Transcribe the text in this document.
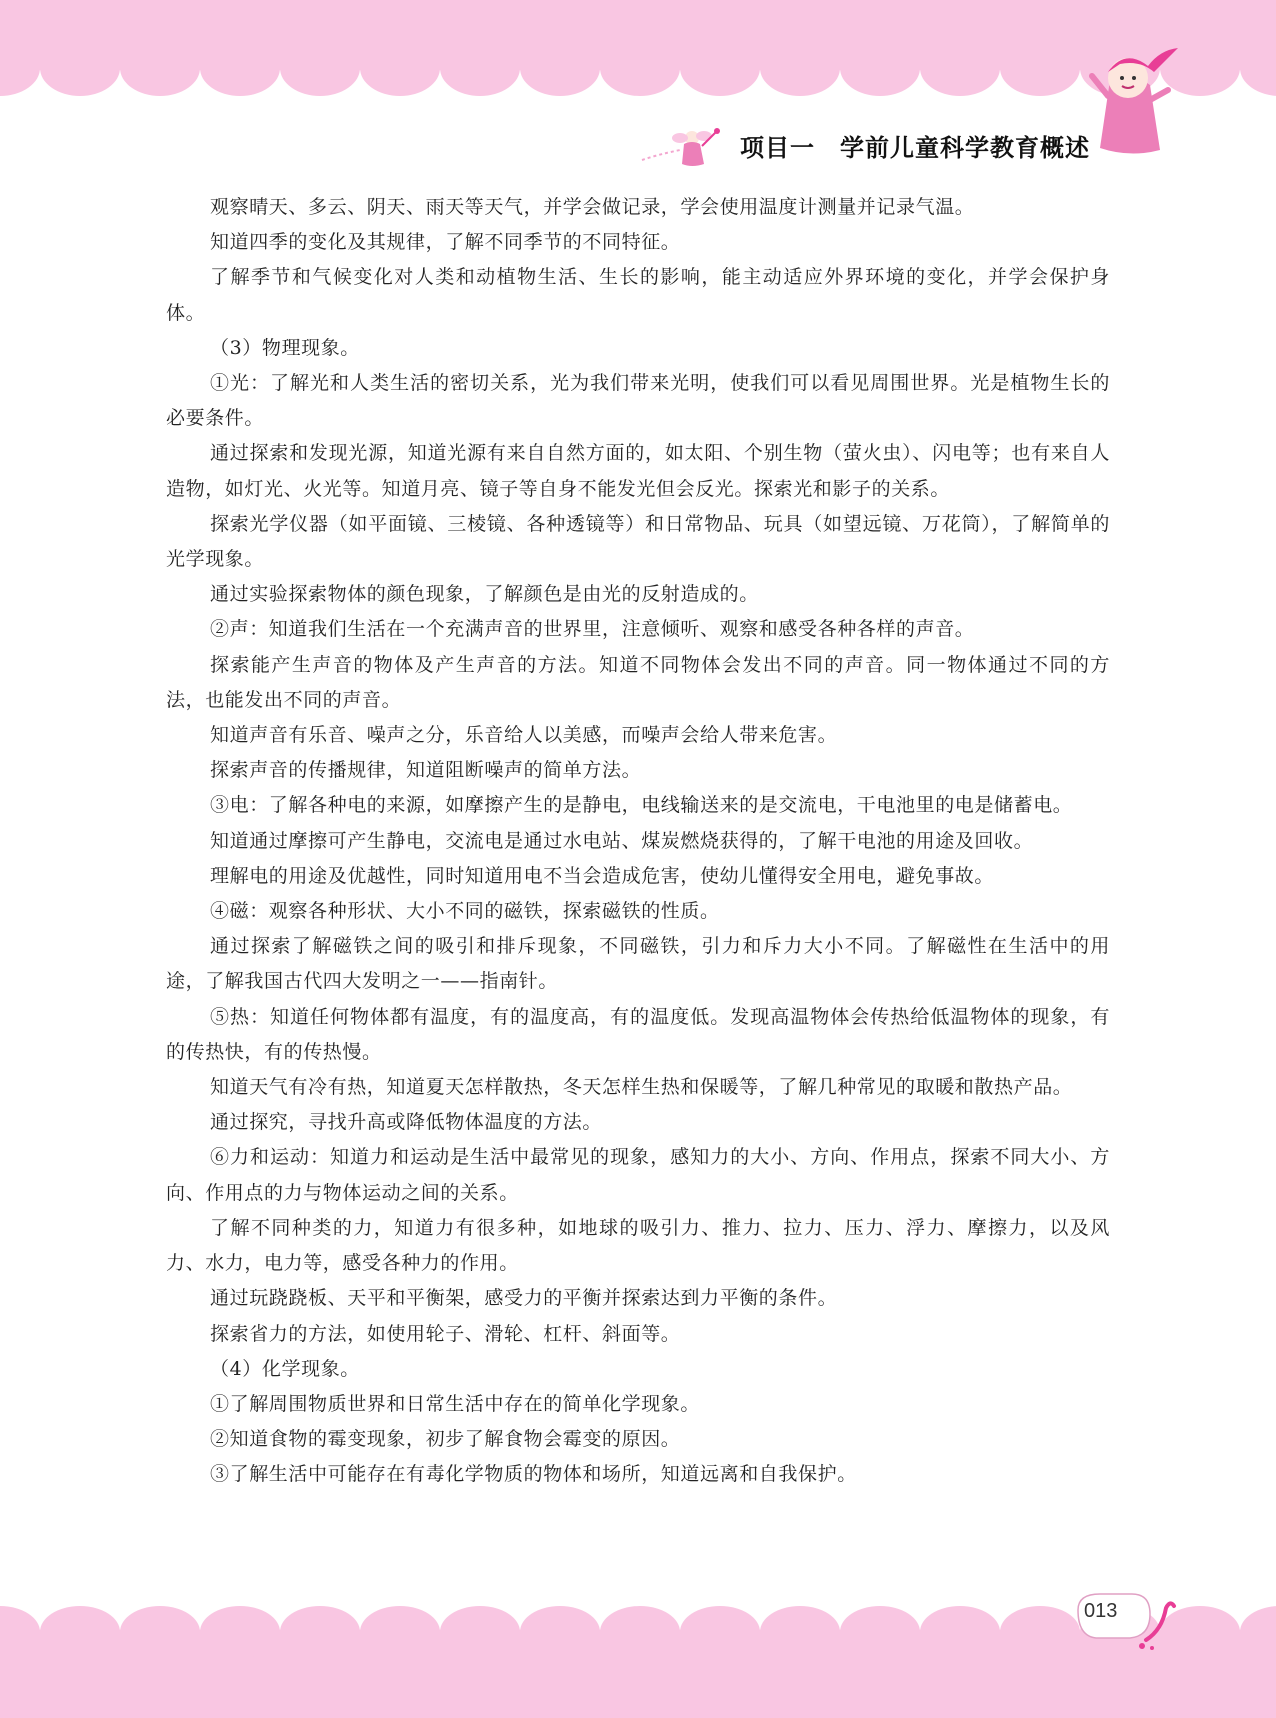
项目一　学前儿童科学教育概述

观察晴天、多云、阴天、雨天等天气，并学会做记录，学会使用温度计测量并记录气温。

知道四季的变化及其规律，了解不同季节的不同特征。

了解季节和气候变化对人类和动植物生活、生长的影响，能主动适应外界环境的变化，并学会保护身体。

（3）物理现象。

①光：了解光和人类生活的密切关系，光为我们带来光明，使我们可以看见周围世界。光是植物生长的必要条件。

通过探索和发现光源，知道光源有来自自然方面的，如太阳、个别生物（萤火虫）、闪电等；也有来自人造物，如灯光、火光等。知道月亮、镜子等自身不能发光但会反光。探索光和影子的关系。

探索光学仪器（如平面镜、三棱镜、各种透镜等）和日常物品、玩具（如望远镜、万花筒），了解简单的光学现象。

通过实验探索物体的颜色现象，了解颜色是由光的反射造成的。

②声：知道我们生活在一个充满声音的世界里，注意倾听、观察和感受各种各样的声音。

探索能产生声音的物体及产生声音的方法。知道不同物体会发出不同的声音。同一物体通过不同的方法，也能发出不同的声音。

知道声音有乐音、噪声之分，乐音给人以美感，而噪声会给人带来危害。

探索声音的传播规律，知道阻断噪声的简单方法。

③电：了解各种电的来源，如摩擦产生的是静电，电线输送来的是交流电，干电池里的电是储蓄电。

知道通过摩擦可产生静电，交流电是通过水电站、煤炭燃烧获得的，了解干电池的用途及回收。

理解电的用途及优越性，同时知道用电不当会造成危害，使幼儿懂得安全用电，避免事故。

④磁：观察各种形状、大小不同的磁铁，探索磁铁的性质。

通过探索了解磁铁之间的吸引和排斥现象，不同磁铁，引力和斥力大小不同。了解磁性在生活中的用途，了解我国古代四大发明之一——指南针。

⑤热：知道任何物体都有温度，有的温度高，有的温度低。发现高温物体会传热给低温物体的现象，有的传热快，有的传热慢。

知道天气有冷有热，知道夏天怎样散热，冬天怎样生热和保暖等，了解几种常见的取暖和散热产品。

通过探究，寻找升高或降低物体温度的方法。

⑥力和运动：知道力和运动是生活中最常见的现象，感知力的大小、方向、作用点，探索不同大小、方向、作用点的力与物体运动之间的关系。

了解不同种类的力，知道力有很多种，如地球的吸引力、推力、拉力、压力、浮力、摩擦力，以及风力、水力，电力等，感受各种力的作用。

通过玩跷跷板、天平和平衡架，感受力的平衡并探索达到力平衡的条件。

探索省力的方法，如使用轮子、滑轮、杠杆、斜面等。

（4）化学现象。

①了解周围物质世界和日常生活中存在的简单化学现象。

②知道食物的霉变现象，初步了解食物会霉变的原因。

③了解生活中可能存在有毒化学物质的物体和场所，知道远离和自我保护。

013
